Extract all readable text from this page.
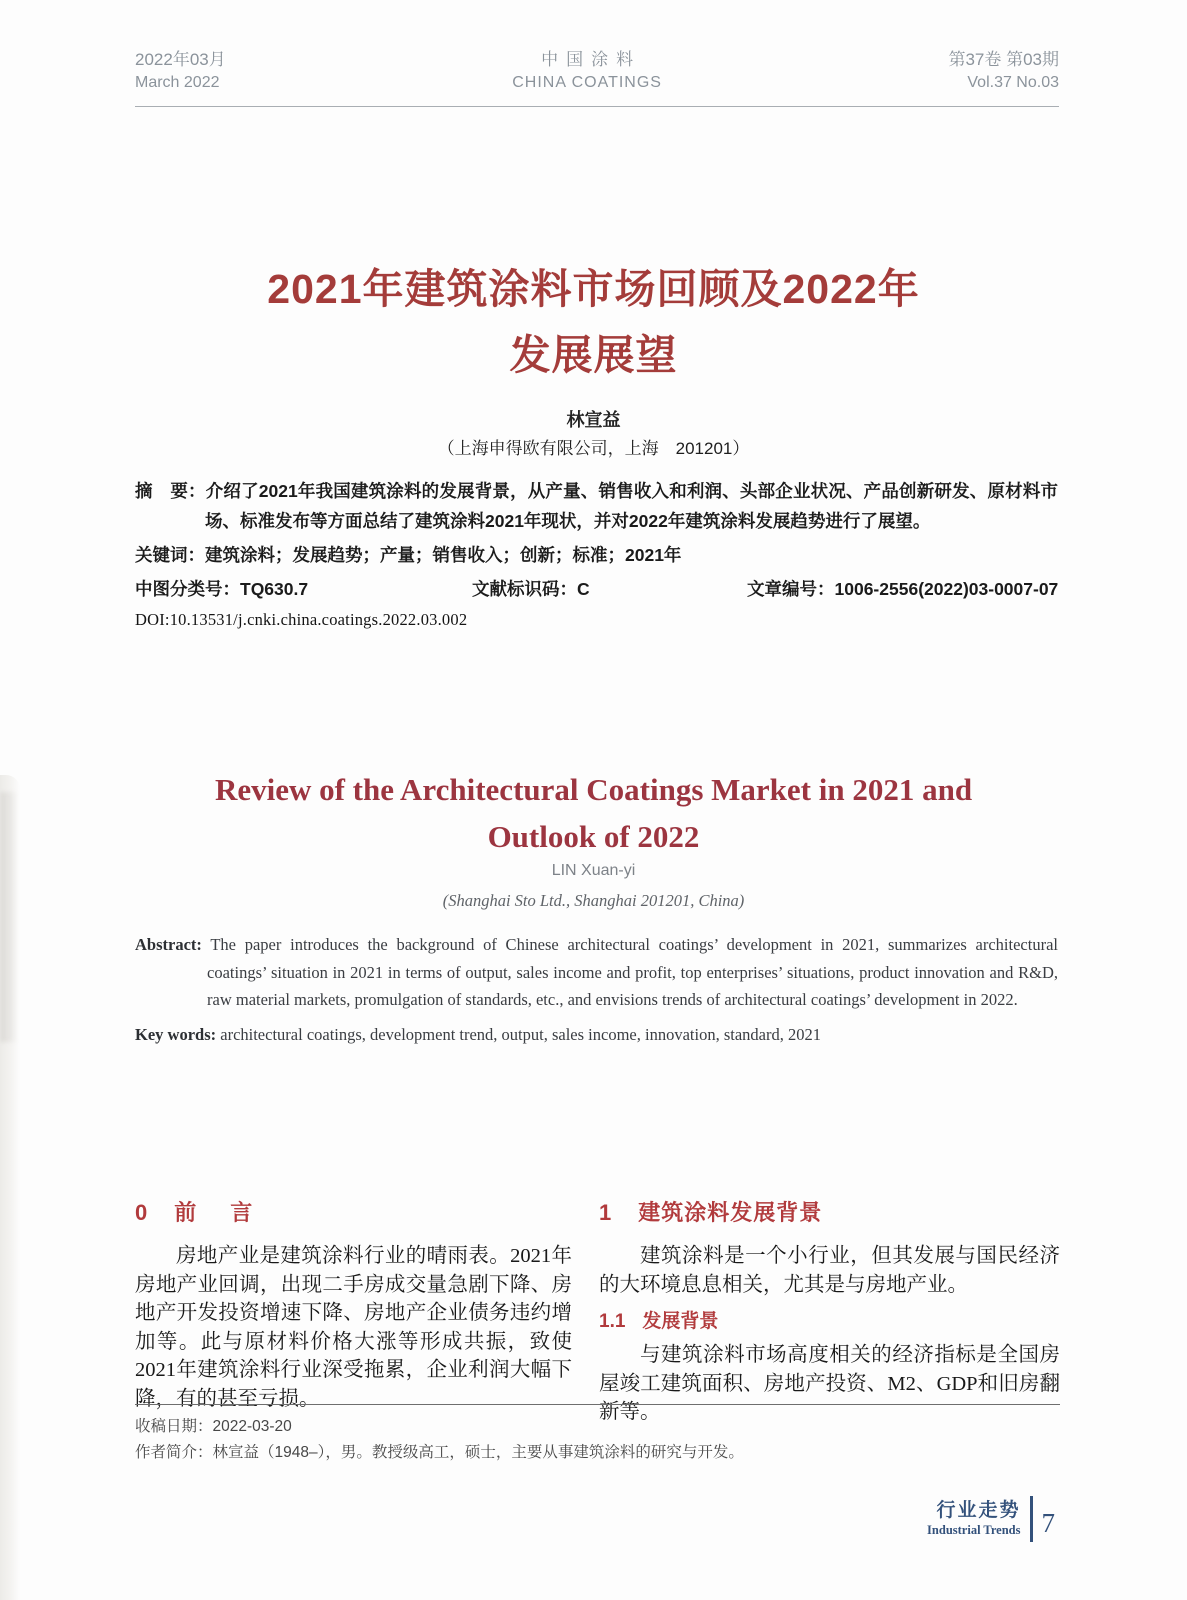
2022年03月
March 2022
中国涂料
CHINA COATINGS
第37卷 第03期
Vol.37 No.03
2021年建筑涂料市场回顾及2022年
发展展望
林宣益
（上海申得欧有限公司，上海　201201）

摘　要：介绍了2021年我国建筑涂料的发展背景，从产量、销售收入和利润、头部企业状况、产品创新研发、原材料市场、标准发布等方面总结了建筑涂料2021年现状，并对2022年建筑涂料发展趋势进行了展望。

关键词：建筑涂料；发展趋势；产量；销售收入；创新；标准；2021年

中图分类号：TQ630.7	文献标识码：C	文章编号：1006-2556(2022)03-0007-07
DOI:10.13531/j.cnki.china.coatings.2022.03.002
Review of the Architectural Coatings Market in 2021 and
Outlook of 2022
LIN Xuan-yi
(Shanghai Sto Ltd., Shanghai 201201, China)

Abstract: The paper introduces the background of Chinese architectural coatings’ development in 2021, summarizes architectural coatings’ situation in 2021 in terms of output, sales income and profit, top enterprises’ situations, product innovation and R&D, raw material markets, promulgation of standards, etc., and envisions trends of architectural coatings’ development in 2022.

Key words: architectural coatings, development trend, output, sales income, innovation, standard, 2021

0 前　言

房地产业是建筑涂料行业的晴雨表。2021年房地产业回调，出现二手房成交量急剧下降、房地产开发投资增速下降、房地产企业债务违约增加等。此与原材料价格大涨等形成共振，致使2021年建筑涂料行业深受拖累，企业利润大幅下降，有的甚至亏损。

1 建筑涂料发展背景

建筑涂料是一个小行业，但其发展与国民经济的大环境息息相关，尤其是与房地产业。

1.1 发展背景

与建筑涂料市场高度相关的经济指标是全国房屋竣工建筑面积、房地产投资、M2、GDP和旧房翻新等。

收稿日期：2022-03-20
作者简介：林宣益（1948–），男。教授级高工，硕士，主要从事建筑涂料的研究与开发。
行业走势
Industrial Trends 7
